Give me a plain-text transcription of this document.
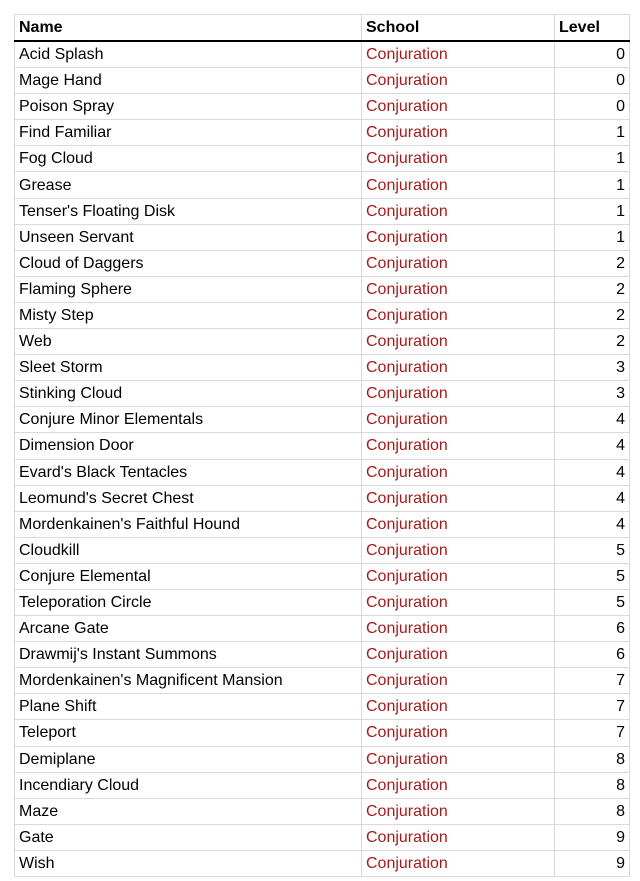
Name	School	Level
Acid Splash	Conjuration	0
Mage Hand	Conjuration	0
Poison Spray	Conjuration	0
Find Familiar	Conjuration	1
Fog Cloud	Conjuration	1
Grease	Conjuration	1
Tenser's Floating Disk	Conjuration	1
Unseen Servant	Conjuration	1
Cloud of Daggers	Conjuration	2
Flaming Sphere	Conjuration	2
Misty Step	Conjuration	2
Web	Conjuration	2
Sleet Storm	Conjuration	3
Stinking Cloud	Conjuration	3
Conjure Minor Elementals	Conjuration	4
Dimension Door	Conjuration	4
Evard's Black Tentacles	Conjuration	4
Leomund's Secret Chest	Conjuration	4
Mordenkainen's Faithful Hound	Conjuration	4
Cloudkill	Conjuration	5
Conjure Elemental	Conjuration	5
Teleporation Circle	Conjuration	5
Arcane Gate	Conjuration	6
Drawmij's Instant Summons	Conjuration	6
Mordenkainen's Magnificent Mansion	Conjuration	7
Plane Shift	Conjuration	7
Teleport	Conjuration	7
Demiplane	Conjuration	8
Incendiary Cloud	Conjuration	8
Maze	Conjuration	8
Gate	Conjuration	9
Wish	Conjuration	9
